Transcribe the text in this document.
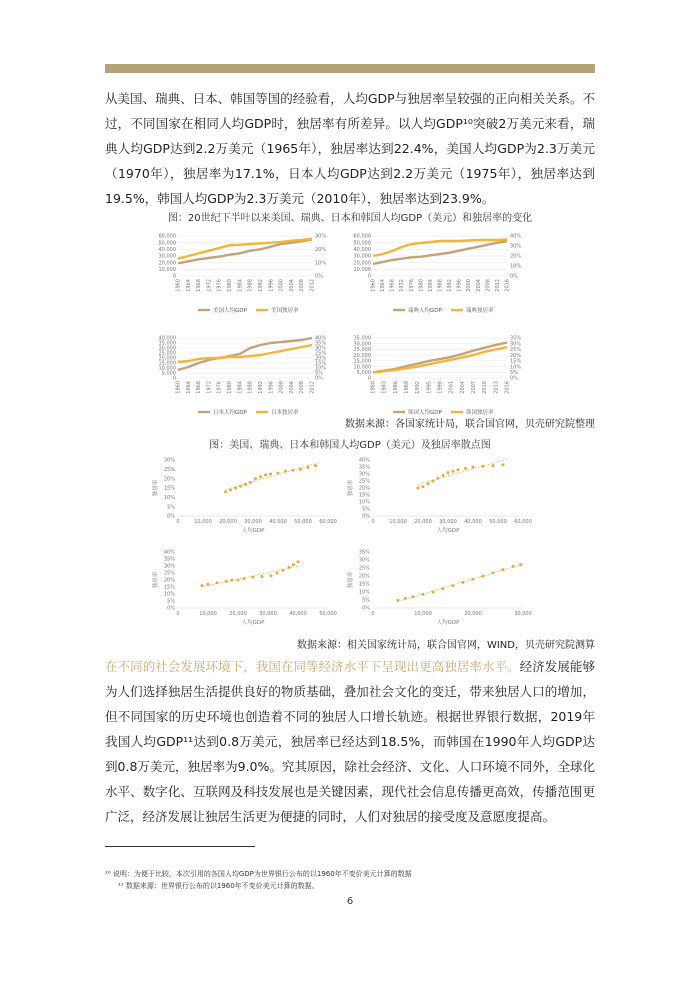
从美国、瑞典、日本、韩国等国的经验看，人均GDP与独居率呈较强的正向相关关系。不过，不同国家在相同人均GDP时，独居率有所差异。以人均GDP¹⁰突破2万美元来看，瑞典人均GDP达到2.2万美元（1965年），独居率达到22.4%，美国人均GDP为2.3万美元（1970年），独居率为17.1%，日本人均GDP达到2.2万美元（1975年），独居率达到19.5%，韩国人均GDP为2.3万美元（2010年），独居率达到23.9%。

图：20世纪下半叶以来美国、瑞典、日本和韩国人均GDP（美元）和独居率的变化
0
10,000
20,000
30,000
40,000
50,000
60,000
0%
10%
20%
30%
1960 1964 1968 1972 1976 1980 1984 1988 1992 1996 2000 2004 2008 2012
美国人均GDP	美国独居率
0
10,000
20,000
30,000
40,000
50,000
60,000
0%
10%
20%
30%
40%
1960 1964 1968 1972 1976 1980 1984 1988 1992 1996 2000 2004 2008 2012 2016
瑞典人均GDP	瑞典独居率
0
5,000
10,000
15,000
20,000
25,000
30,000
35,000
40,000
0%
5%
10%
15%
20%
25%
30%
35%
40%
1960 1964 1968 1972 1976 1980 1984 1988 1992 1996 2000 2004 2008 2012
日本人均GDP	日本独居率
0
5,000
10,000
15,000
20,000
25,000
30,000
35,000
0%
5%
10%
15%
20%
25%
30%
35%
1980 1983 1986 1989 1992 1995 1998 2001 2004 2007 2010 2013 2016
韩国人均GDP	韩国独居率
数据来源：各国家统计局，联合国官网，贝壳研究院整理
图：美国、瑞典、日本和韩国人均GDP（美元）及独居率散点图
0%
5%
10%
15%
20%
25%
30%
0	10,000 20,000 30,000 40,000 50,000 60,000
人均GDP
独居率
0%
5%
10%
15%
20%
25%
30%
35%
40%
0	10,000 20,000 30,000 40,000 50,000 60,000
人均GDP
独居率
0%
5%
10%
15%
20%
25%
30%
35%
40%
0	10,000	20,000	30,000	40,000	50,000
人均GDP
独居率
0%
5%
10%
15%
20%
25%
30%
35%
0	10,000	20,000	30,000
人均GDP
独居率
数据来源：相关国家统计局，联合国官网，WIND，贝壳研究院测算

在不同的社会发展环境下，我国在同等经济水平下呈现出更高独居率水平。经济发展能够为人们选择独居生活提供良好的物质基础，叠加社会文化的变迁，带来独居人口的增加，但不同国家的历史环境也创造着不同的独居人口增长轨迹。根据世界银行数据，2019年我国人均GDP¹¹达到0.8万美元，独居率已经达到18.5%，而韩国在1990年人均GDP达到0.8万美元，独居率为9.0%。究其原因，除社会经济、文化、人口环境不同外，全球化水平、数字化、互联网及科技发展也是关键因素，现代社会信息传播更高效，传播范围更广泛，经济发展让独居生活更为便捷的同时，人们对独居的接受度及意愿度提高。

¹⁰ 说明：为便于比较，本次引用的各国人均GDP为世界银行公布的以1960年不变价美元计算的数据
¹¹ 数据来源：世界银行公布的以1960年不变价美元计算的数据。
6
